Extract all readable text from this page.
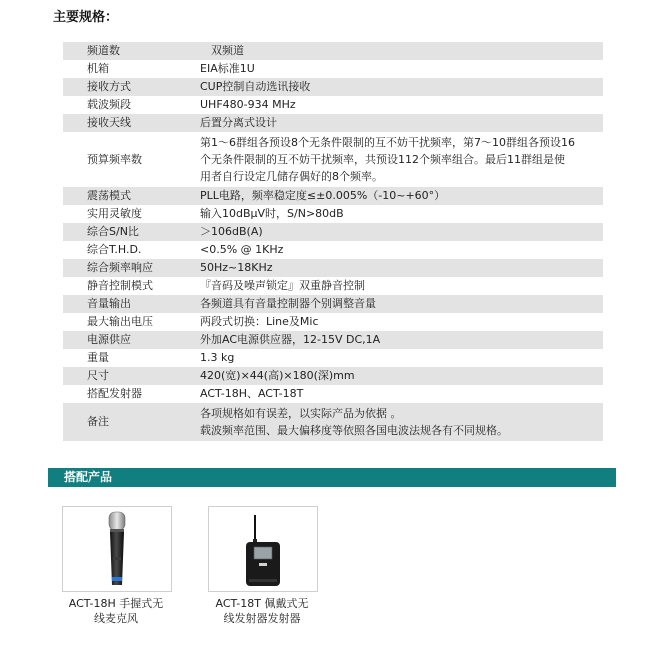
主要规格：
频道数	　双频道

机箱	EIA标准1U

接收方式	CUP控制自动选讯接收

载波频段	UHF480-934 MHz

接收天线	后置分离式设计

预算频率数	第1～6群组各预设8个无条件限制的互不妨干扰频率，第7～10群组各预设16
个无条件限制的互不妨干扰频率，共预设112个频率组合。最后11群组是使
用者自行设定几储存偶好的8个频率。

震荡模式	PLL电路，频率稳定度≤±0.005%（-10~+60°）

实用灵敏度	输入10dBμV时，S/N>80dB

综合S/N比	＞106dB(A)

综合T.H.D.	<0.5% @ 1KHz

综合频率响应	50Hz~18KHz

静音控制模式	『音码及噪声锁定』双重静音控制

音量输出	各频道具有音量控制器个别调整音量

最大输出电压	两段式切换：Line及Mic

电源供应	外加AC电源供应器，12-15V DC,1A

重量	1.3 kg

尺寸	420(宽)×44(高)×180(深)mm

搭配发射器	ACT-18H、ACT-18T

备注	各项规格如有误差，以实际产品为依据 。
载波频率范围、最大偏移度等依照各国电波法规各有不同规格。
搭配产品
ACT-18H 手握式无
线麦克风
ACT-18T 佩戴式无
线发射器发射器
